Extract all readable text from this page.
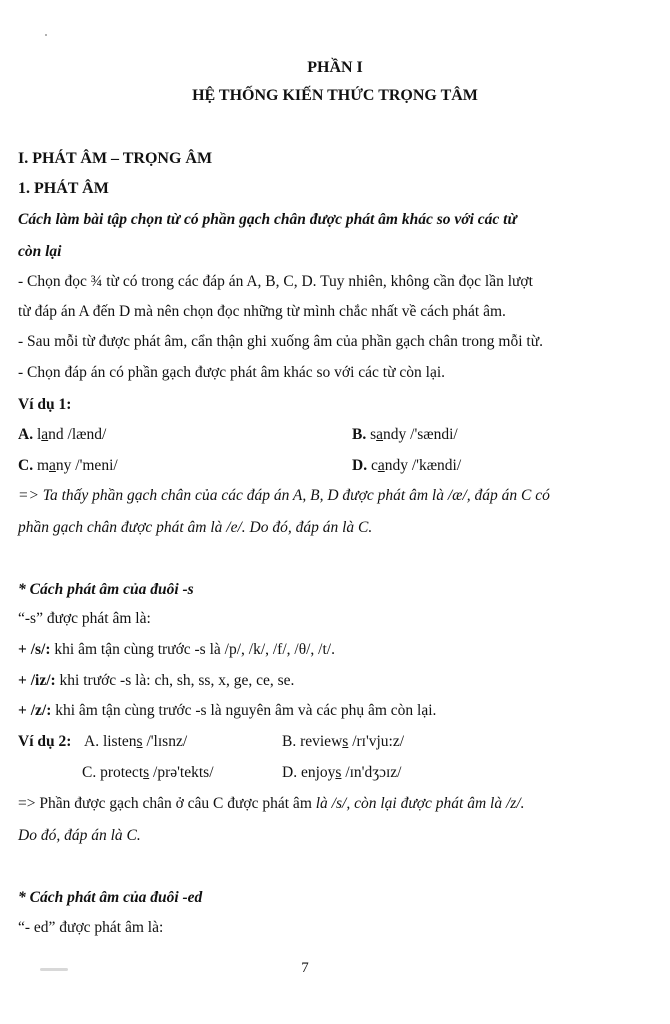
PHẦN I
HỆ THỐNG KIẾN THỨC TRỌNG TÂM
I. PHÁT ÂM – TRỌNG ÂM
1. PHÁT ÂM
Cách làm bài tập chọn từ có phần gạch chân được phát âm khác so với các từ
còn lại
- Chọn đọc ¾ từ có trong các đáp án A, B, C, D. Tuy nhiên, không cần đọc lần lượt
từ đáp án A đến D mà nên chọn đọc những từ mình chắc nhất về cách phát âm.
- Sau mỗi từ được phát âm, cẩn thận ghi xuống âm của phần gạch chân trong mỗi từ.
- Chọn đáp án có phần gạch được phát âm khác so với các từ còn lại.
Ví dụ 1:
A. land /lænd/	B. sandy /'sændi/
C. many /'meni/	D. candy /'kændi/
=> Ta thấy phần gạch chân của các đáp án A, B, D được phát âm là /æ/, đáp án C có
phần gạch chân được phát âm là /e/. Do đó, đáp án là C.
* Cách phát âm của đuôi -s
“-s” được phát âm là:
+ /s/: khi âm tận cùng trước -s là /p/, /k/, /f/, /θ/, /t/.
+ /iz/: khi trước -s là: ch, sh, ss, x, ge, ce, se.
+ /z/: khi âm tận cùng trước -s là nguyên âm và các phụ âm còn lại.
Ví dụ 2: A. listens /'lɪsnz/	B. reviews /rɪ'vju:z/
C. protects /prə'tekts/	D. enjoys /ɪn'dʒɔɪz/
=> Phần được gạch chân ở câu C được phát âm là /s/, còn lại được phát âm là /z/.
Do đó, đáp án là C.
* Cách phát âm của đuôi -ed
“- ed” được phát âm là:
7
